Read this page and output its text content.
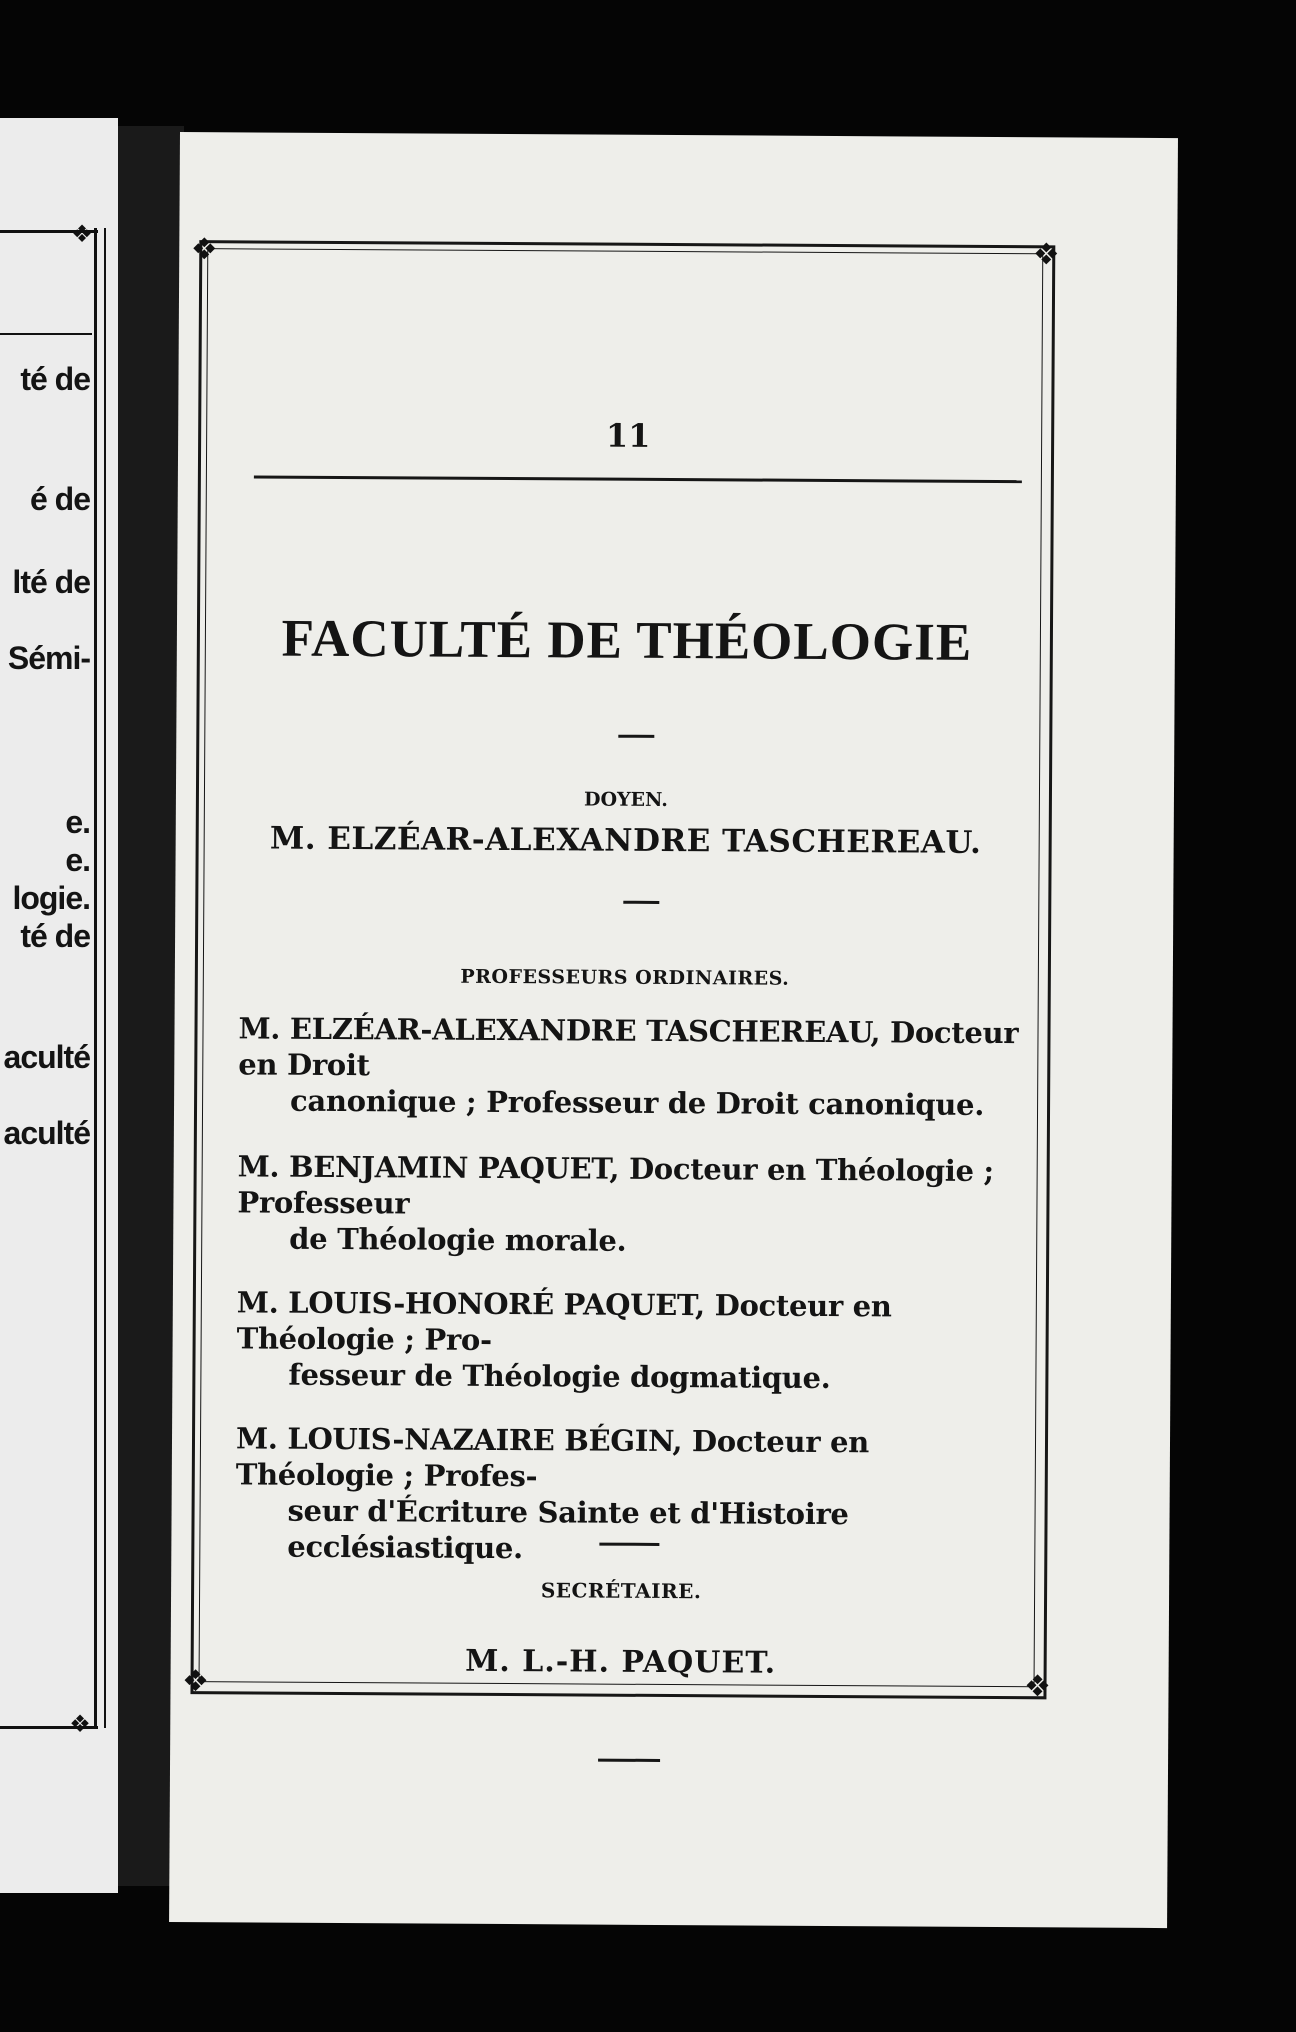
❖
❖
té de
é de
lté de
Sémi-
e.
e.
logie.
té de
aculté
aculté
❖	❖
❖	❖
11
FACULTÉ DE THÉOLOGIE
DOYEN.
M. ELZÉAR-ALEXANDRE TASCHEREAU.
PROFESSEURS ORDINAIRES.
M. ELZÉAR-ALEXANDRE TASCHEREAU, Docteur en Droit
canonique ; Professeur de Droit canonique.
M. BENJAMIN PAQUET, Docteur en Théologie ; Professeur
de Théologie morale.
M. LOUIS-HONORÉ PAQUET, Docteur en Théologie ; Pro-
fesseur de Théologie dogmatique.
M. LOUIS-NAZAIRE BÉGIN, Docteur en Théologie ; Profes-
seur d'Écriture Sainte et d'Histoire ecclésiastique.
SECRÉTAIRE.
M. L.-H. PAQUET.
